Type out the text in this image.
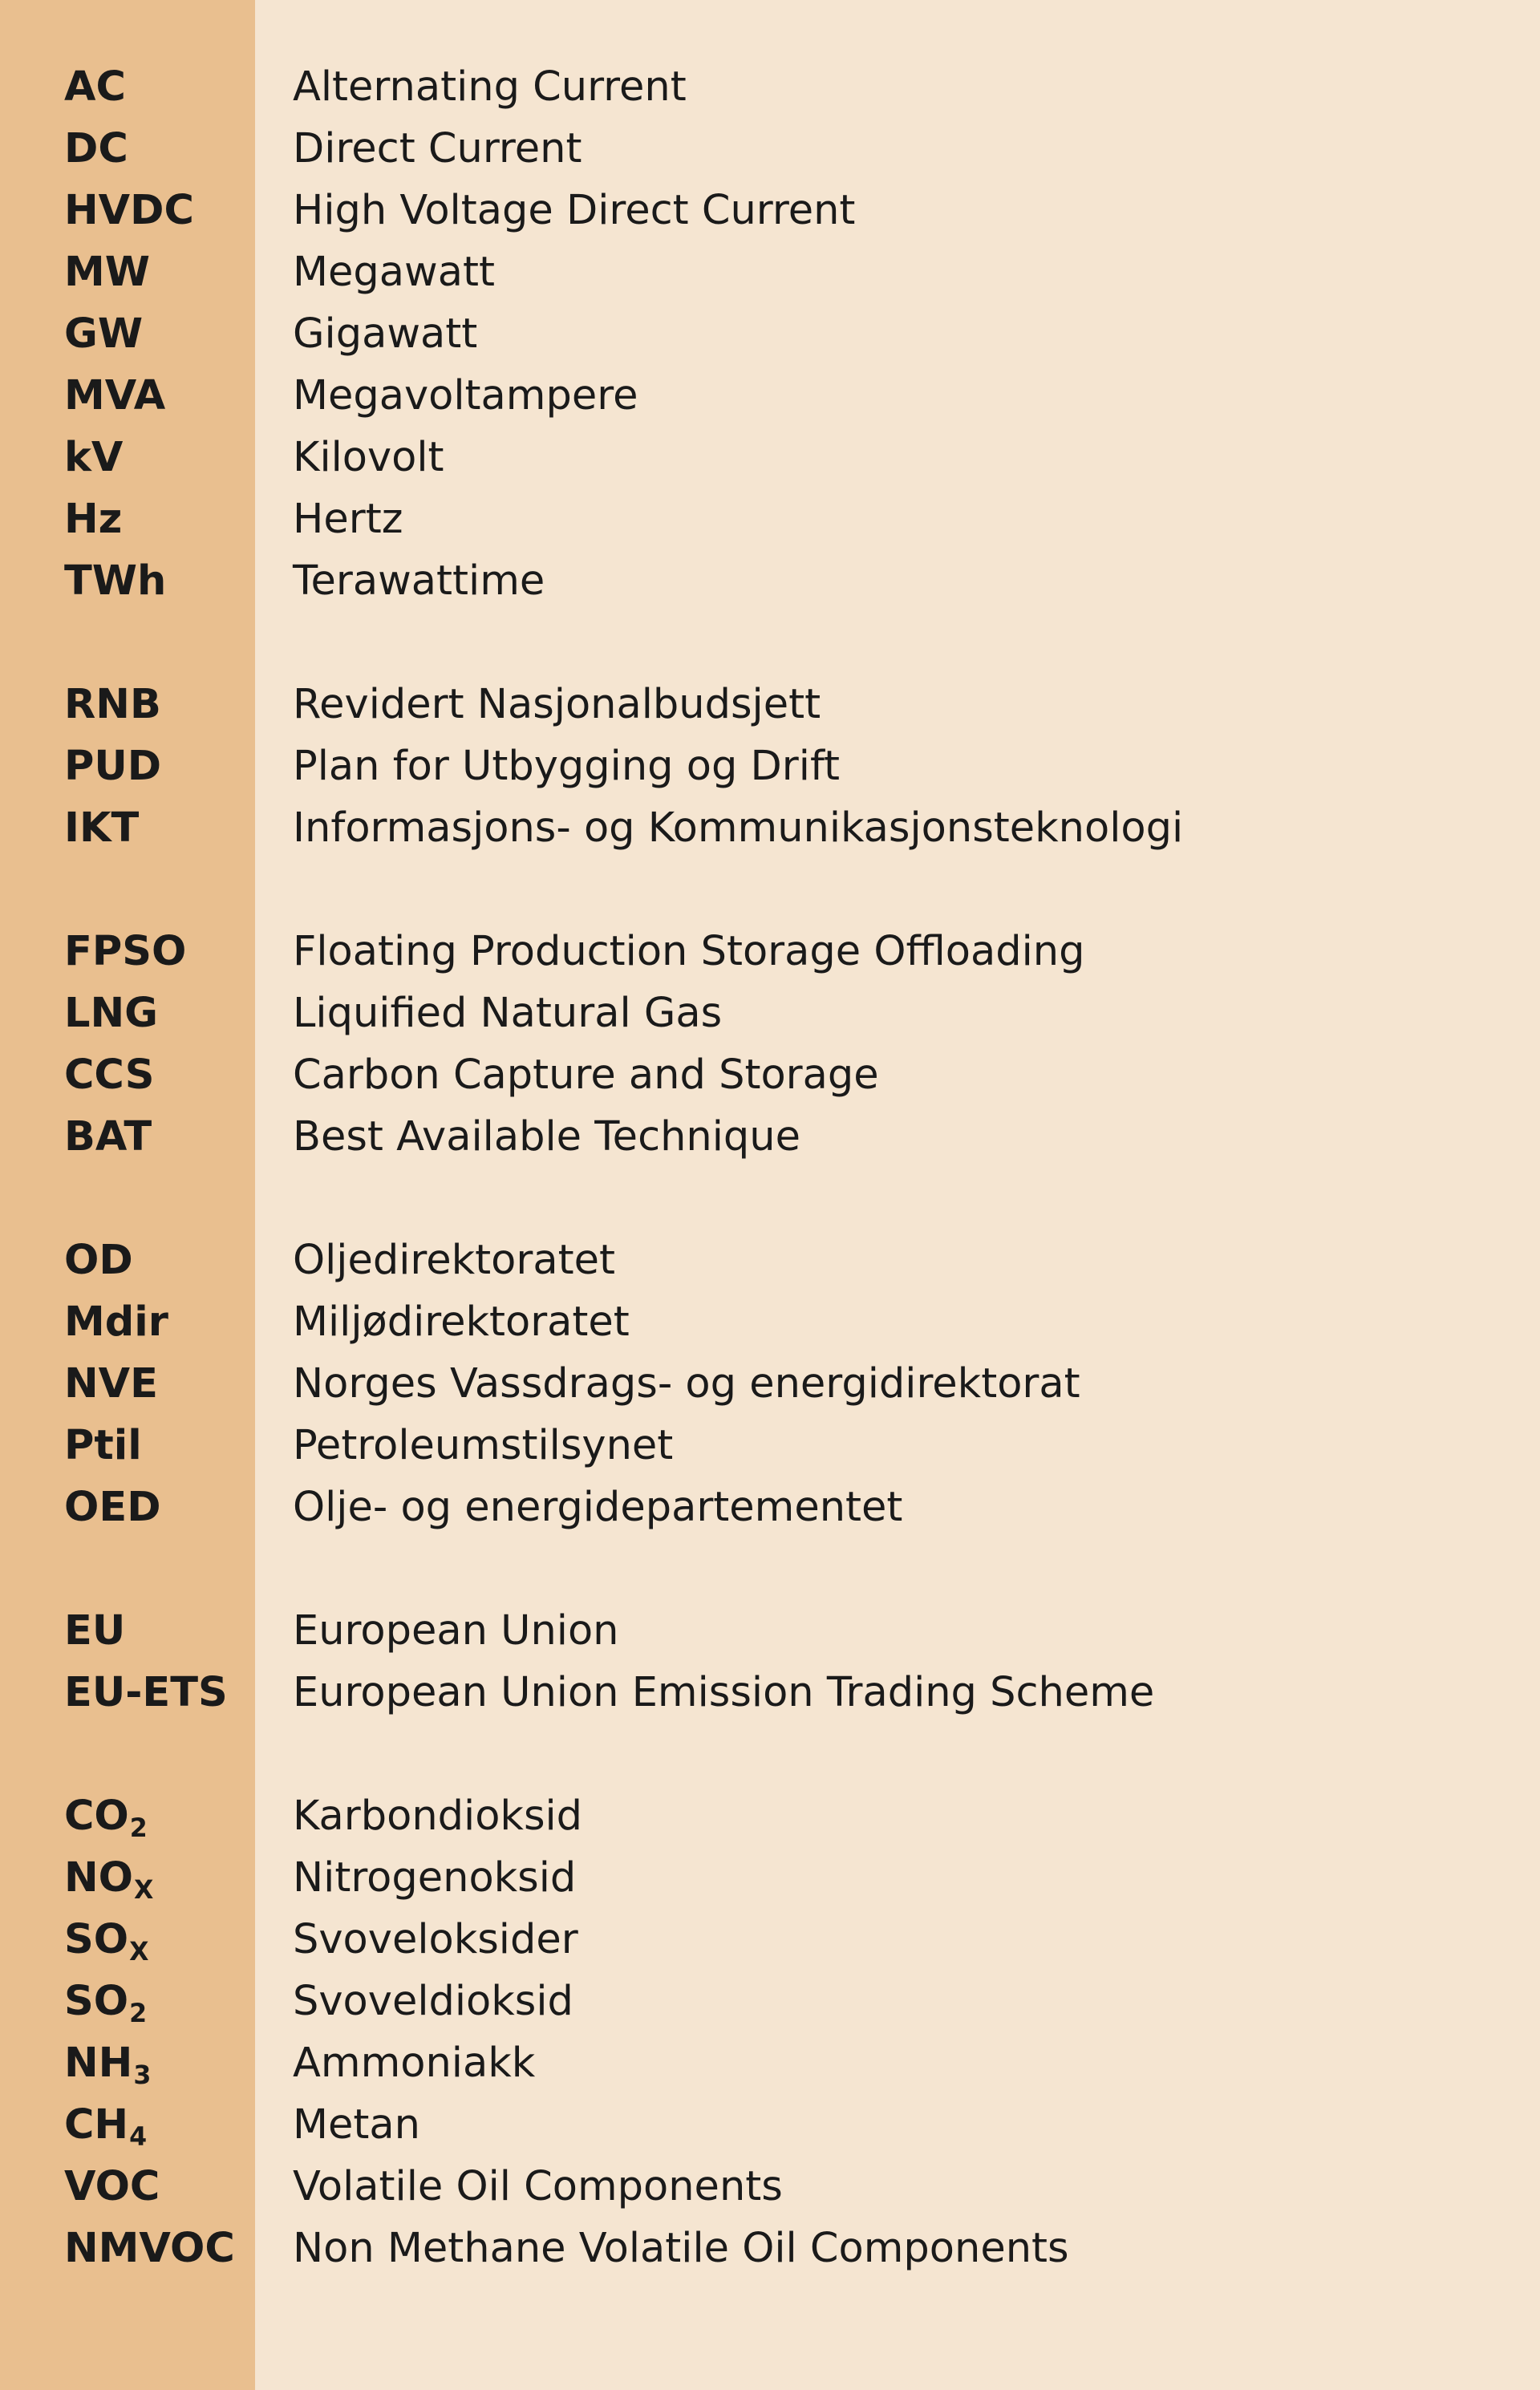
AC	Alternating Current
DC	Direct Current
HVDC	High Voltage Direct Current
MW	Megawatt
GW	Gigawatt
MVA	Megavoltampere
kV	Kilovolt
Hz	Hertz
TWh	Terawattime
RNB	Revidert Nasjonalbudsjett
PUD	Plan for Utbygging og Drift
IKT	Informasjons- og Kommunikasjonsteknologi
FPSO	Floating Production Storage Offloading
LNG	Liquified Natural Gas
CCS	Carbon Capture and Storage
BAT	Best Available Technique
OD	Oljedirektoratet
Mdir	Miljødirektoratet
NVE	Norges Vassdrags- og energidirektorat
Ptil	Petroleumstilsynet
OED	Olje- og energidepartementet
EU	European Union
EU-ETS	European Union Emission Trading Scheme
CO2	Karbondioksid
NOX	Nitrogenoksid
SOX	Svoveloksider
SO2	Svoveldioksid
NH3	Ammoniakk
CH4	Metan
VOC	Volatile Oil Components
NMVOC	Non Methane Volatile Oil Components
